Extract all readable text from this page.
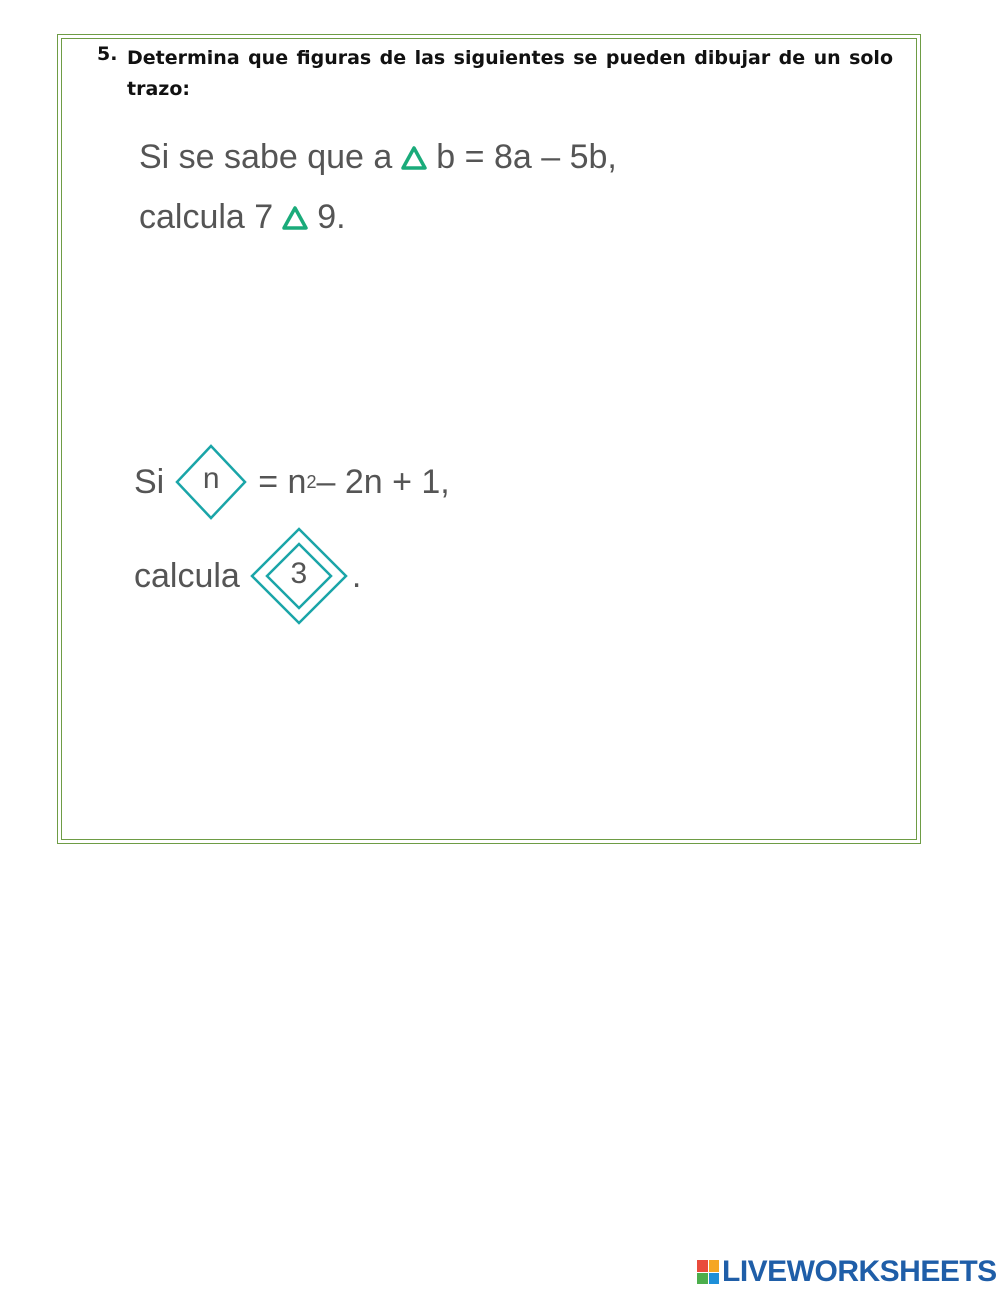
5. Determina que figuras de las siguientes se pueden dibujar de un solo trazo:
Si se sabe que a b = 8a – 5b,
calcula 7 9.
Si	n	= n 2 – 2n + 1,
calcula	3	.
LIVEWORKSHEETS
